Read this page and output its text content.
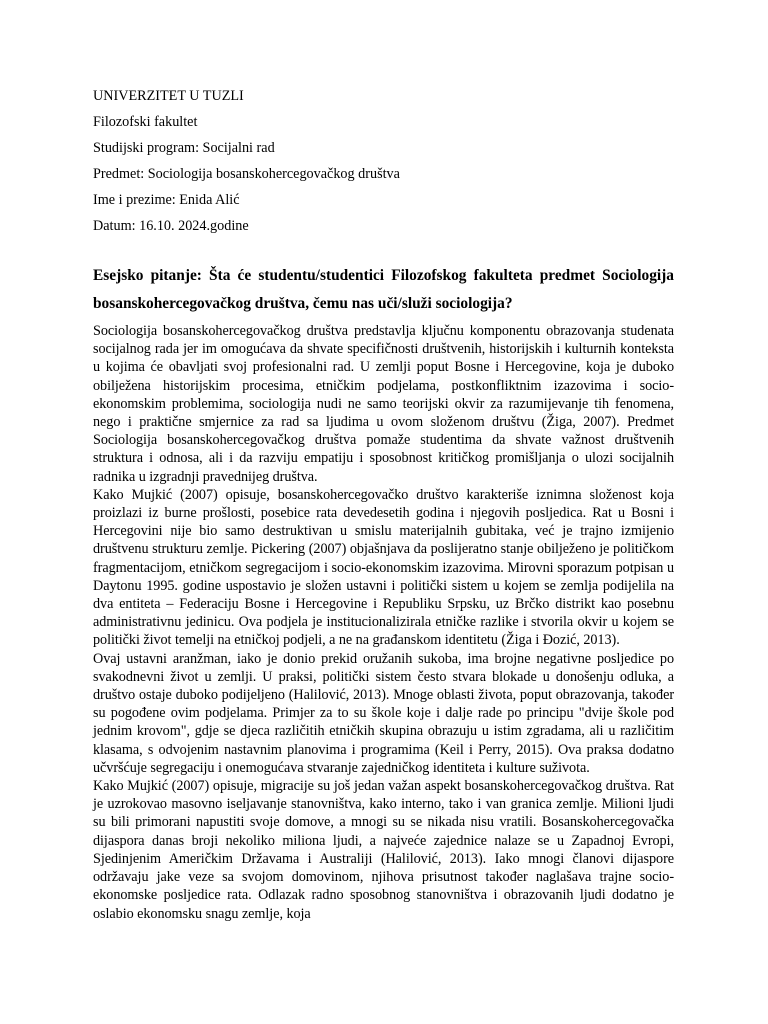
UNIVERZITET U TUZLI
Filozofski fakultet
Studijski program: Socijalni rad
Predmet: Sociologija bosanskohercegovačkog društva
Ime i prezime: Enida Alić
Datum: 16.10. 2024.godine
Esejsko pitanje: Šta će studentu/studentici Filozofskog fakulteta predmet Sociologija bosanskohercegovačkog društva, čemu nas uči/služi sociologija?

Sociologija bosanskohercegovačkog društva predstavlja ključnu komponentu obrazovanja studenata socijalnog rada jer im omogućava da shvate specifičnosti društvenih, historijskih i kulturnih konteksta u kojima će obavljati svoj profesionalni rad. U zemlji poput Bosne i Hercegovine, koja je duboko obilježena historijskim procesima, etničkim podjelama, postkonfliktnim izazovima i socio-ekonomskim problemima, sociologija nudi ne samo teorijski okvir za razumijevanje tih fenomena, nego i praktične smjernice za rad sa ljudima u ovom složenom društvu (Žiga, 2007). Predmet Sociologija bosanskohercegovačkog društva pomaže studentima da shvate važnost društvenih struktura i odnosa, ali i da razviju empatiju i sposobnost kritičkog promišljanja o ulozi socijalnih radnika u izgradnji pravednijeg društva.

Kako Mujkić (2007) opisuje, bosanskohercegovačko društvo karakteriše iznimna složenost koja proizlazi iz burne prošlosti, posebice rata devedesetih godina i njegovih posljedica. Rat u Bosni i Hercegovini nije bio samo destruktivan u smislu materijalnih gubitaka, već je trajno izmijenio društvenu strukturu zemlje. Pickering (2007) objašnjava da poslijeratno stanje obilježeno je političkom fragmentacijom, etničkom segregacijom i socio-ekonomskim izazovima. Mirovni sporazum potpisan u Daytonu 1995. godine uspostavio je složen ustavni i politički sistem u kojem se zemlja podijelila na dva entiteta – Federaciju Bosne i Hercegovine i Republiku Srpsku, uz Brčko distrikt kao posebnu administrativnu jedinicu. Ova podjela je institucionalizirala etničke razlike i stvorila okvir u kojem se politički život temelji na etničkoj podjeli, a ne na građanskom identitetu (Žiga i Đozić, 2013).

Ovaj ustavni aranžman, iako je donio prekid oružanih sukoba, ima brojne negativne posljedice po svakodnevni život u zemlji. U praksi, politički sistem često stvara blokade u donošenju odluka, a društvo ostaje duboko podijeljeno (Halilović, 2013). Mnoge oblasti života, poput obrazovanja, također su pogođene ovim podjelama. Primjer za to su škole koje i dalje rade po principu "dvije škole pod jednim krovom", gdje se djeca različitih etničkih skupina obrazuju u istim zgradama, ali u različitim klasama, s odvojenim nastavnim planovima i programima (Keil i Perry, 2015). Ova praksa dodatno učvršćuje segregaciju i onemogućava stvaranje zajedničkog identiteta i kulture suživota.

Kako Mujkić (2007) opisuje, migracije su još jedan važan aspekt bosanskohercegovačkog društva. Rat je uzrokovao masovno iseljavanje stanovništva, kako interno, tako i van granica zemlje. Milioni ljudi su bili primorani napustiti svoje domove, a mnogi su se nikada nisu vratili. Bosanskohercegovačka dijaspora danas broji nekoliko miliona ljudi, a najveće zajednice nalaze se u Zapadnoj Evropi, Sjedinjenim Američkim Državama i Australiji (Halilović, 2013). Iako mnogi članovi dijaspore održavaju jake veze sa svojom domovinom, njihova prisutnost također naglašava trajne socio-ekonomske posljedice rata. Odlazak radno sposobnog stanovništva i obrazovanih ljudi dodatno je oslabio ekonomsku snagu zemlje, koja
